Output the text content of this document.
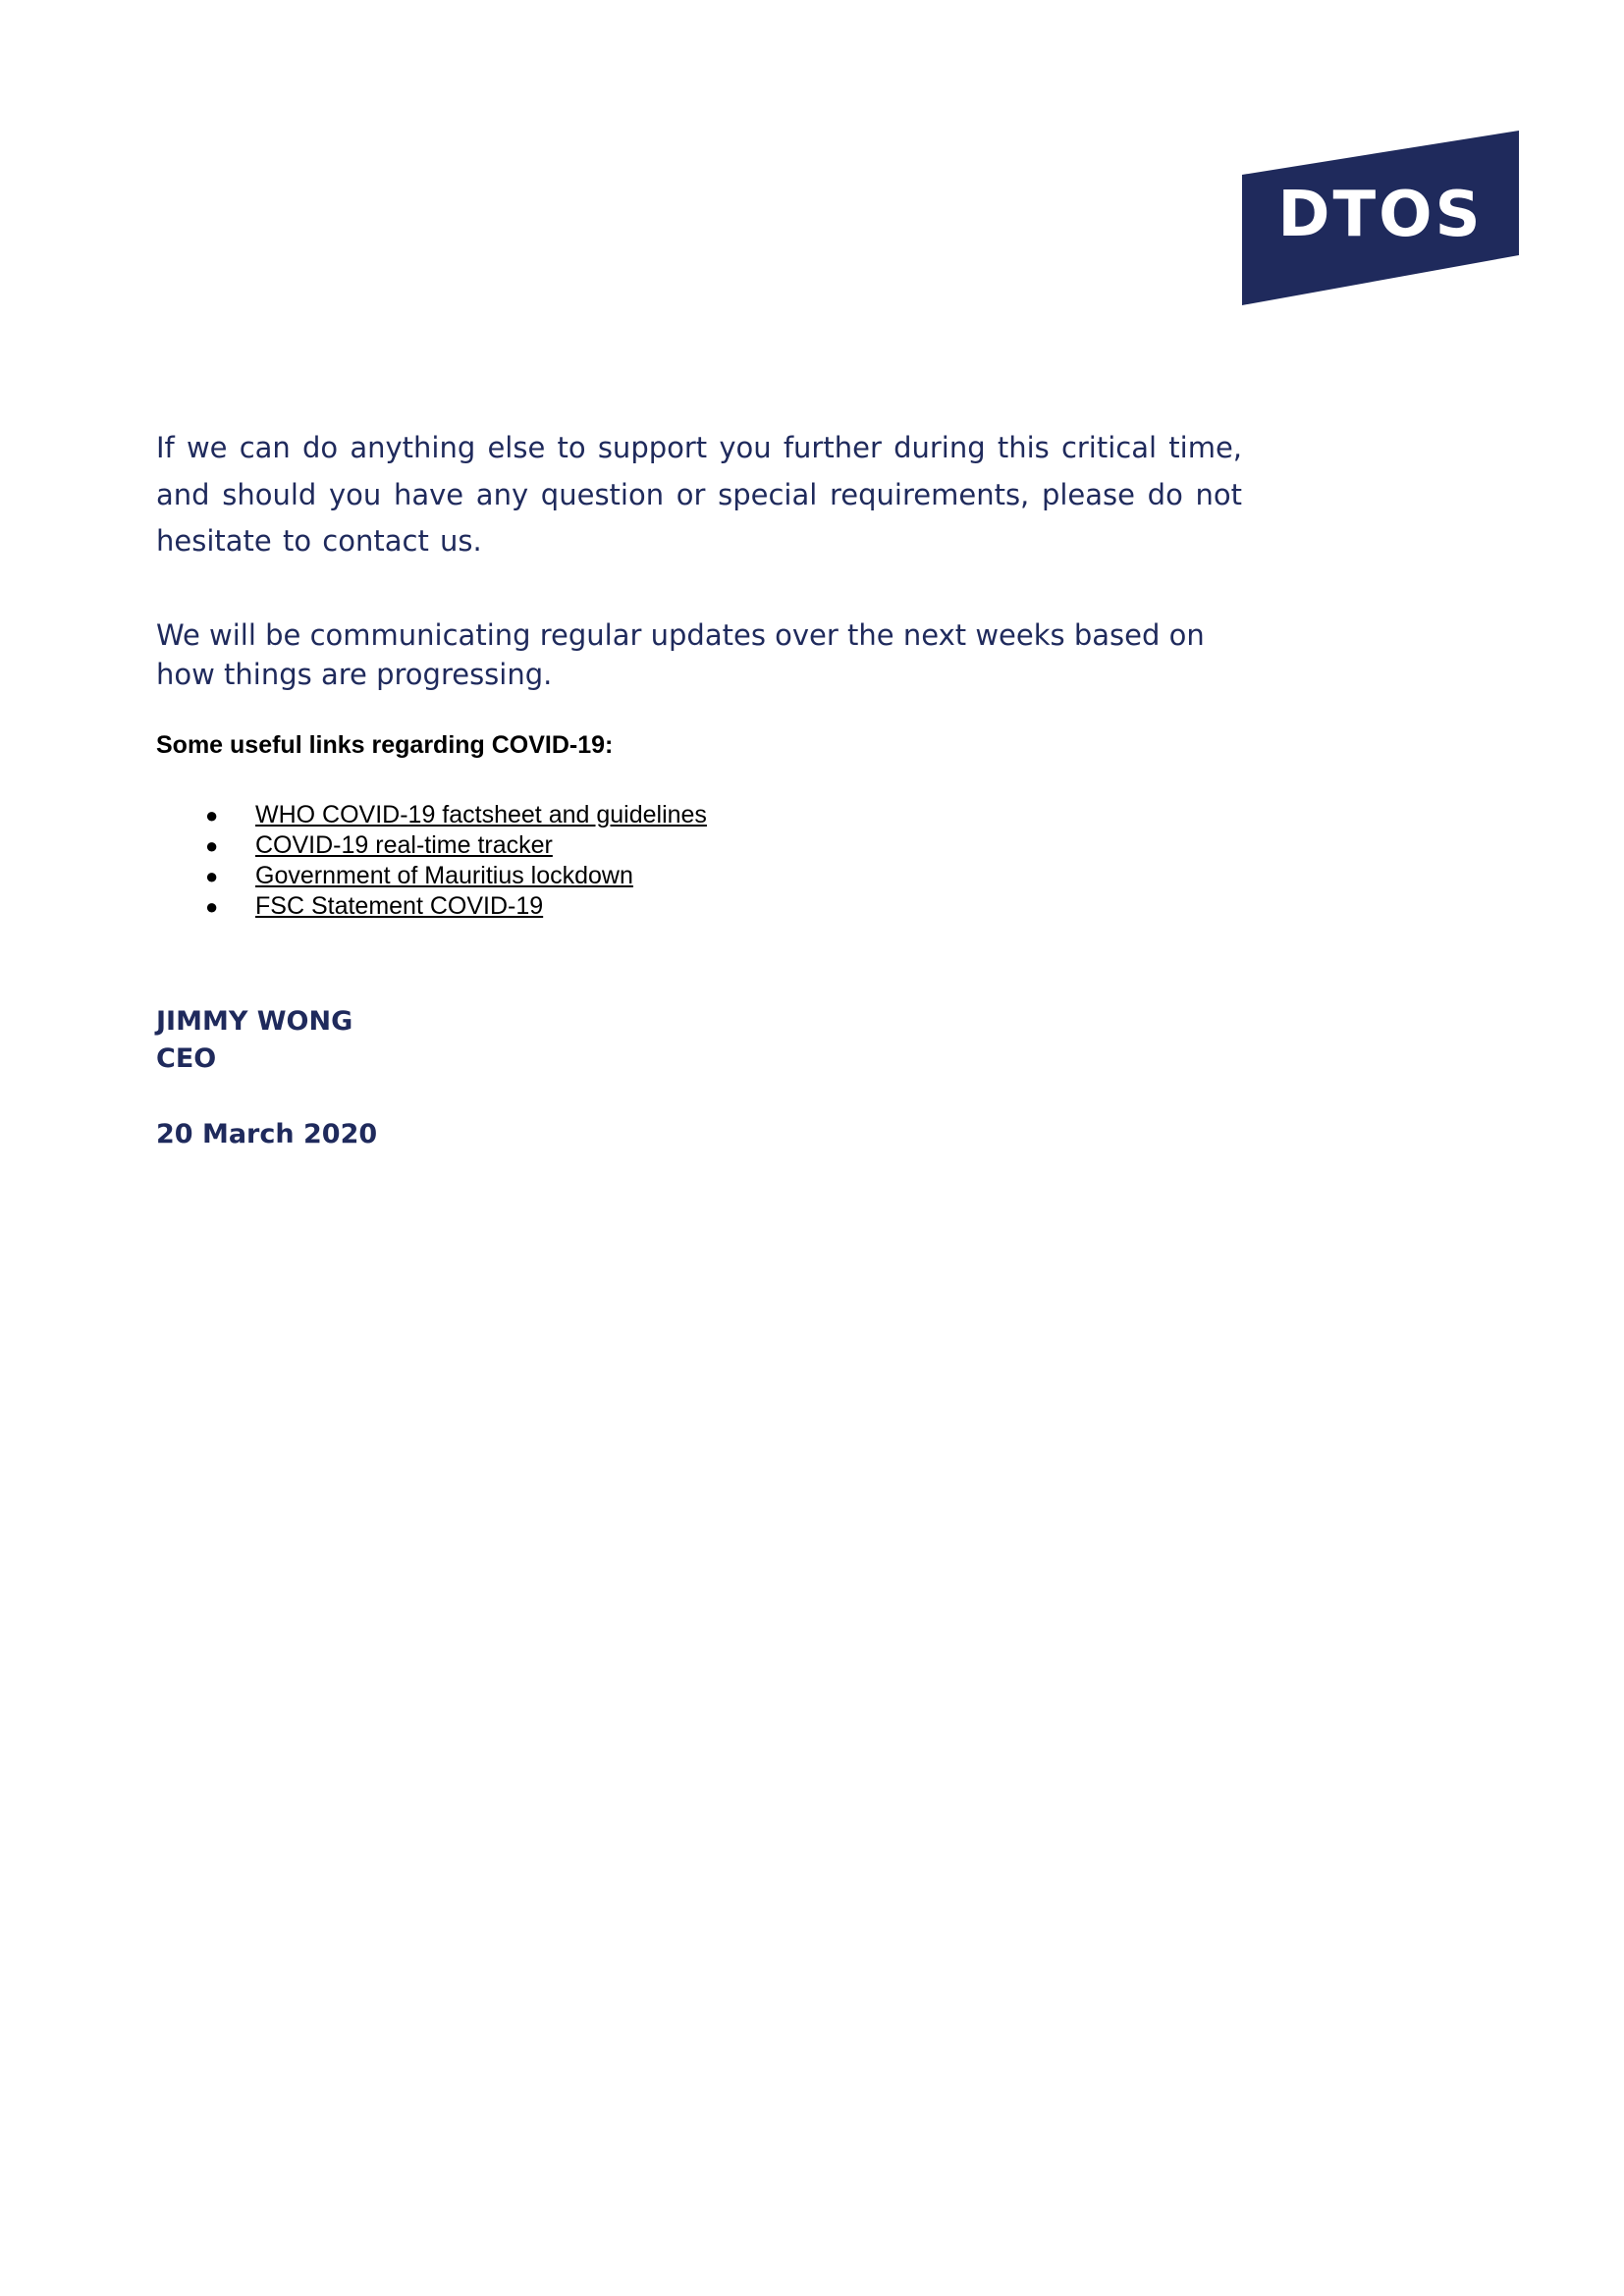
DTOS

If we can do anything else to support you further during this critical time, and should you have any question or special requirements, please do not hesitate to contact us.

We will be communicating regular updates over the next weeks based on how things are progressing.

Some useful links regarding COVID-19:

● WHO COVID-19 factsheet and guidelines
● COVID-19 real-time tracker
● Government of Mauritius lockdown
● FSC Statement COVID-19

JIMMY WONG

CEO

20 March 2020
